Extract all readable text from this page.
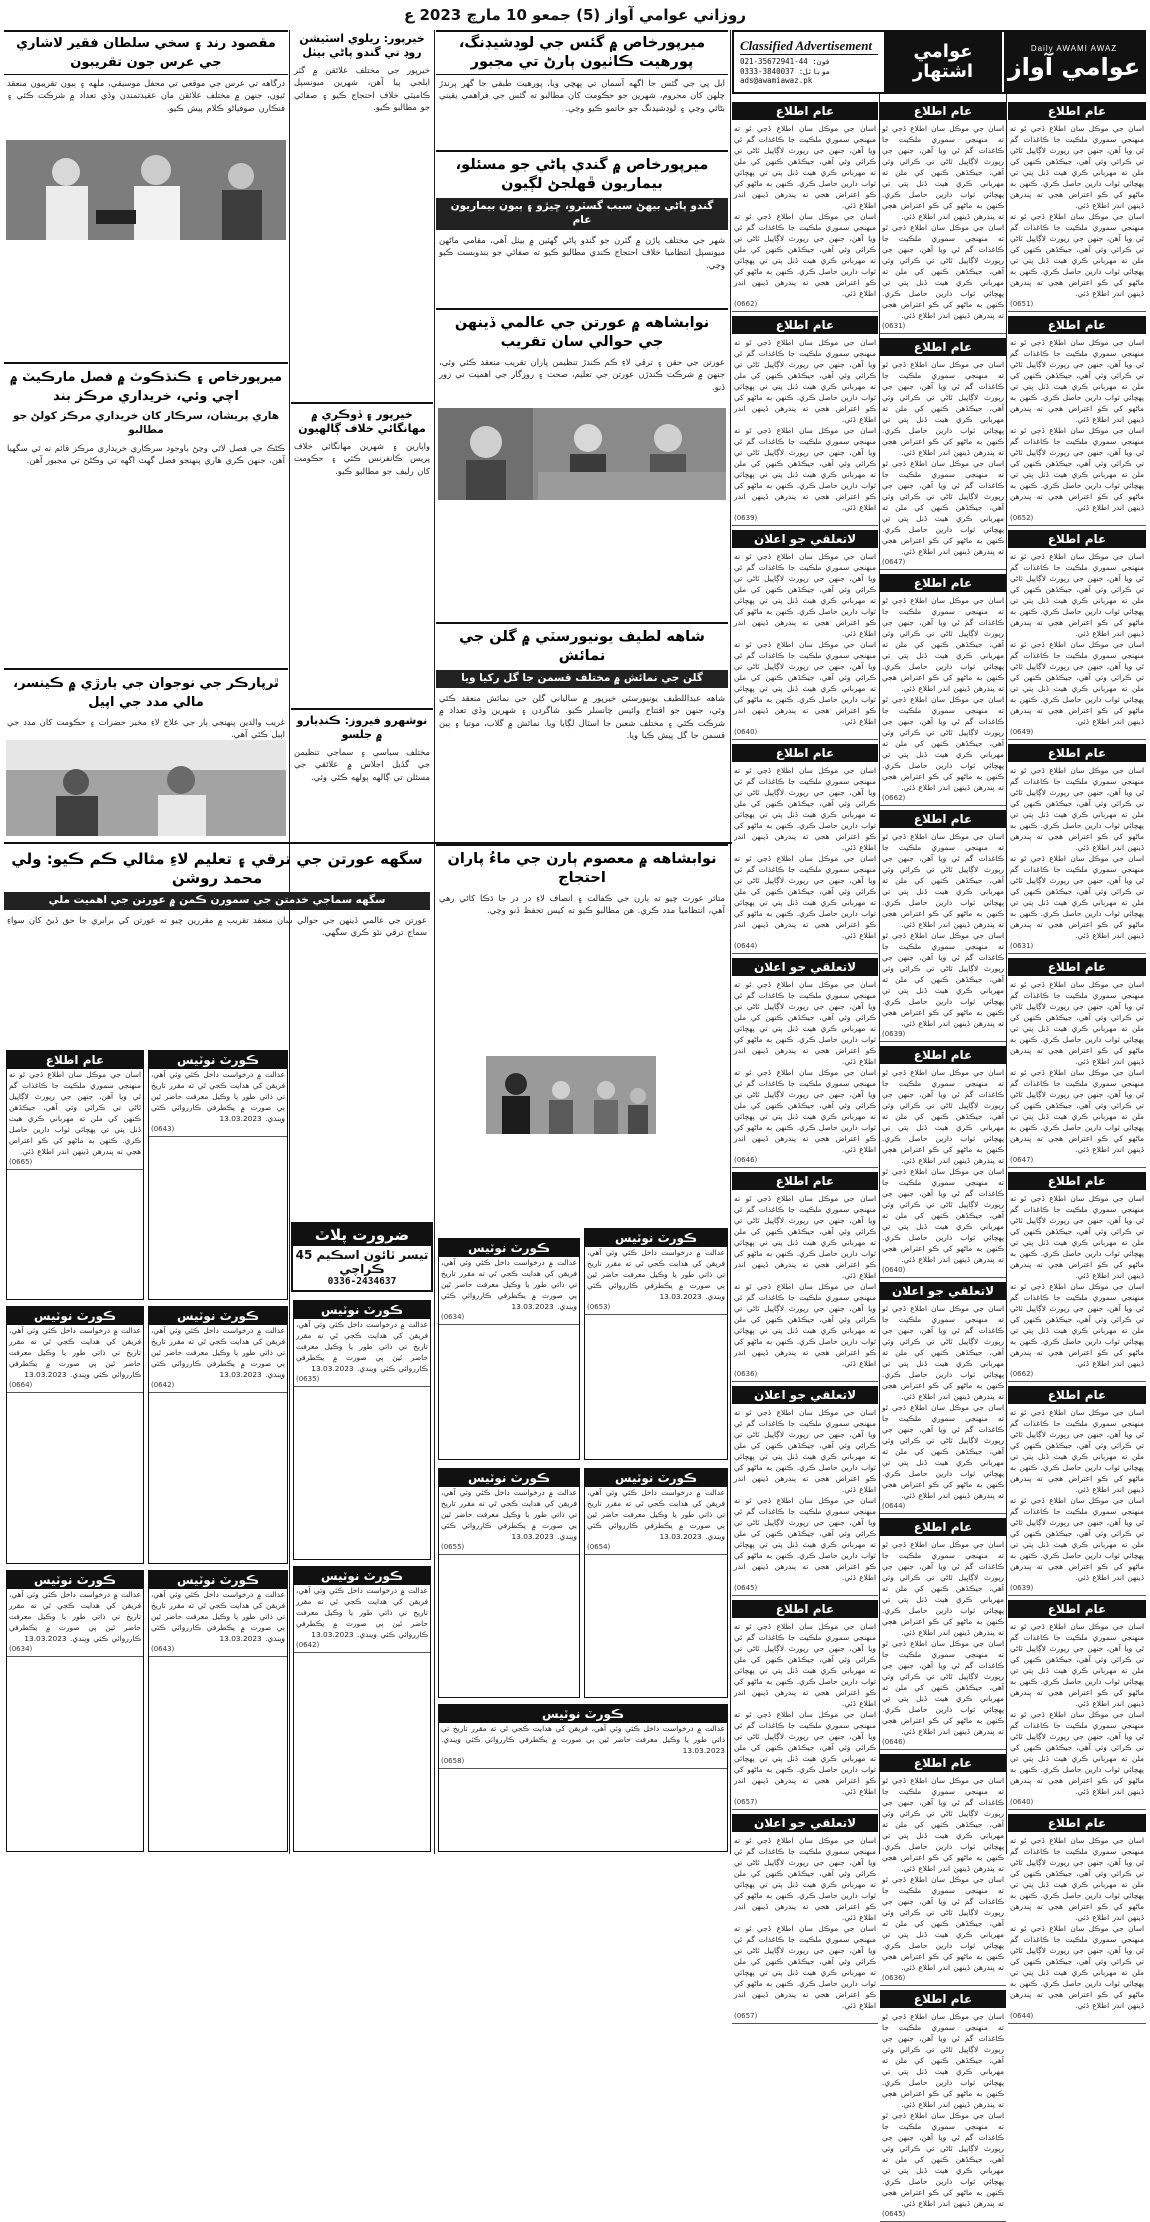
روزاني عوامي آواز (5) جمعو 10 مارچ 2023 ع
Daily AWAMI AWAZ
عوامي آواز
عوامي اشتهار
Classified Advertisement
021-35672941-44 :فون
0333-3840037 :موبائل
ads@awamiawaz.pk
عام اطلاع
اسان جي موڪل سان اطلاع ڏجي ٿو ته منهنجي سموري ملڪيت جا ڪاغذات گم ٿي ويا آهن، جنهن جي رپورٽ لاڳاپيل ٿاڻي تي ڪرائي وئي آهي، جيڪڏهن ڪنهن کي ملن ته مهرباني ڪري هيٺ ڏنل پتي تي پهچائي ثواب دارين حاصل ڪري. ڪنهن به ماڻهو کي ڪو اعتراض هجي ته پندرهن ڏينهن اندر اطلاع ڏئي.
اسان جي موڪل سان اطلاع ڏجي ٿو ته منهنجي سموري ملڪيت جا ڪاغذات گم ٿي ويا آهن، جنهن جي رپورٽ لاڳاپيل ٿاڻي تي ڪرائي وئي آهي، جيڪڏهن ڪنهن کي ملن ته مهرباني ڪري هيٺ ڏنل پتي تي پهچائي ثواب دارين حاصل ڪري. ڪنهن به ماڻهو کي ڪو اعتراض هجي ته پندرهن ڏينهن اندر اطلاع ڏئي.
(0651)
عام اطلاع
اسان جي موڪل سان اطلاع ڏجي ٿو ته منهنجي سموري ملڪيت جا ڪاغذات گم ٿي ويا آهن، جنهن جي رپورٽ لاڳاپيل ٿاڻي تي ڪرائي وئي آهي، جيڪڏهن ڪنهن کي ملن ته مهرباني ڪري هيٺ ڏنل پتي تي پهچائي ثواب دارين حاصل ڪري. ڪنهن به ماڻهو کي ڪو اعتراض هجي ته پندرهن ڏينهن اندر اطلاع ڏئي.
اسان جي موڪل سان اطلاع ڏجي ٿو ته منهنجي سموري ملڪيت جا ڪاغذات گم ٿي ويا آهن، جنهن جي رپورٽ لاڳاپيل ٿاڻي تي ڪرائي وئي آهي، جيڪڏهن ڪنهن کي ملن ته مهرباني ڪري هيٺ ڏنل پتي تي پهچائي ثواب دارين حاصل ڪري. ڪنهن به ماڻهو کي ڪو اعتراض هجي ته پندرهن ڏينهن اندر اطلاع ڏئي.
(0652)
عام اطلاع
اسان جي موڪل سان اطلاع ڏجي ٿو ته منهنجي سموري ملڪيت جا ڪاغذات گم ٿي ويا آهن، جنهن جي رپورٽ لاڳاپيل ٿاڻي تي ڪرائي وئي آهي، جيڪڏهن ڪنهن کي ملن ته مهرباني ڪري هيٺ ڏنل پتي تي پهچائي ثواب دارين حاصل ڪري. ڪنهن به ماڻهو کي ڪو اعتراض هجي ته پندرهن ڏينهن اندر اطلاع ڏئي.
اسان جي موڪل سان اطلاع ڏجي ٿو ته منهنجي سموري ملڪيت جا ڪاغذات گم ٿي ويا آهن، جنهن جي رپورٽ لاڳاپيل ٿاڻي تي ڪرائي وئي آهي، جيڪڏهن ڪنهن کي ملن ته مهرباني ڪري هيٺ ڏنل پتي تي پهچائي ثواب دارين حاصل ڪري. ڪنهن به ماڻهو کي ڪو اعتراض هجي ته پندرهن ڏينهن اندر اطلاع ڏئي.
(0649)
عام اطلاع
اسان جي موڪل سان اطلاع ڏجي ٿو ته منهنجي سموري ملڪيت جا ڪاغذات گم ٿي ويا آهن، جنهن جي رپورٽ لاڳاپيل ٿاڻي تي ڪرائي وئي آهي، جيڪڏهن ڪنهن کي ملن ته مهرباني ڪري هيٺ ڏنل پتي تي پهچائي ثواب دارين حاصل ڪري. ڪنهن به ماڻهو کي ڪو اعتراض هجي ته پندرهن ڏينهن اندر اطلاع ڏئي.
اسان جي موڪل سان اطلاع ڏجي ٿو ته منهنجي سموري ملڪيت جا ڪاغذات گم ٿي ويا آهن، جنهن جي رپورٽ لاڳاپيل ٿاڻي تي ڪرائي وئي آهي، جيڪڏهن ڪنهن کي ملن ته مهرباني ڪري هيٺ ڏنل پتي تي پهچائي ثواب دارين حاصل ڪري. ڪنهن به ماڻهو کي ڪو اعتراض هجي ته پندرهن ڏينهن اندر اطلاع ڏئي.
(0631)
عام اطلاع
اسان جي موڪل سان اطلاع ڏجي ٿو ته منهنجي سموري ملڪيت جا ڪاغذات گم ٿي ويا آهن، جنهن جي رپورٽ لاڳاپيل ٿاڻي تي ڪرائي وئي آهي، جيڪڏهن ڪنهن کي ملن ته مهرباني ڪري هيٺ ڏنل پتي تي پهچائي ثواب دارين حاصل ڪري. ڪنهن به ماڻهو کي ڪو اعتراض هجي ته پندرهن ڏينهن اندر اطلاع ڏئي.
اسان جي موڪل سان اطلاع ڏجي ٿو ته منهنجي سموري ملڪيت جا ڪاغذات گم ٿي ويا آهن، جنهن جي رپورٽ لاڳاپيل ٿاڻي تي ڪرائي وئي آهي، جيڪڏهن ڪنهن کي ملن ته مهرباني ڪري هيٺ ڏنل پتي تي پهچائي ثواب دارين حاصل ڪري. ڪنهن به ماڻهو کي ڪو اعتراض هجي ته پندرهن ڏينهن اندر اطلاع ڏئي.
(0647)
عام اطلاع
اسان جي موڪل سان اطلاع ڏجي ٿو ته منهنجي سموري ملڪيت جا ڪاغذات گم ٿي ويا آهن، جنهن جي رپورٽ لاڳاپيل ٿاڻي تي ڪرائي وئي آهي، جيڪڏهن ڪنهن کي ملن ته مهرباني ڪري هيٺ ڏنل پتي تي پهچائي ثواب دارين حاصل ڪري. ڪنهن به ماڻهو کي ڪو اعتراض هجي ته پندرهن ڏينهن اندر اطلاع ڏئي.
اسان جي موڪل سان اطلاع ڏجي ٿو ته منهنجي سموري ملڪيت جا ڪاغذات گم ٿي ويا آهن، جنهن جي رپورٽ لاڳاپيل ٿاڻي تي ڪرائي وئي آهي، جيڪڏهن ڪنهن کي ملن ته مهرباني ڪري هيٺ ڏنل پتي تي پهچائي ثواب دارين حاصل ڪري. ڪنهن به ماڻهو کي ڪو اعتراض هجي ته پندرهن ڏينهن اندر اطلاع ڏئي.
(0662)
عام اطلاع
اسان جي موڪل سان اطلاع ڏجي ٿو ته منهنجي سموري ملڪيت جا ڪاغذات گم ٿي ويا آهن، جنهن جي رپورٽ لاڳاپيل ٿاڻي تي ڪرائي وئي آهي، جيڪڏهن ڪنهن کي ملن ته مهرباني ڪري هيٺ ڏنل پتي تي پهچائي ثواب دارين حاصل ڪري. ڪنهن به ماڻهو کي ڪو اعتراض هجي ته پندرهن ڏينهن اندر اطلاع ڏئي.
اسان جي موڪل سان اطلاع ڏجي ٿو ته منهنجي سموري ملڪيت جا ڪاغذات گم ٿي ويا آهن، جنهن جي رپورٽ لاڳاپيل ٿاڻي تي ڪرائي وئي آهي، جيڪڏهن ڪنهن کي ملن ته مهرباني ڪري هيٺ ڏنل پتي تي پهچائي ثواب دارين حاصل ڪري. ڪنهن به ماڻهو کي ڪو اعتراض هجي ته پندرهن ڏينهن اندر اطلاع ڏئي.
(0639)
عام اطلاع
اسان جي موڪل سان اطلاع ڏجي ٿو ته منهنجي سموري ملڪيت جا ڪاغذات گم ٿي ويا آهن، جنهن جي رپورٽ لاڳاپيل ٿاڻي تي ڪرائي وئي آهي، جيڪڏهن ڪنهن کي ملن ته مهرباني ڪري هيٺ ڏنل پتي تي پهچائي ثواب دارين حاصل ڪري. ڪنهن به ماڻهو کي ڪو اعتراض هجي ته پندرهن ڏينهن اندر اطلاع ڏئي.
اسان جي موڪل سان اطلاع ڏجي ٿو ته منهنجي سموري ملڪيت جا ڪاغذات گم ٿي ويا آهن، جنهن جي رپورٽ لاڳاپيل ٿاڻي تي ڪرائي وئي آهي، جيڪڏهن ڪنهن کي ملن ته مهرباني ڪري هيٺ ڏنل پتي تي پهچائي ثواب دارين حاصل ڪري. ڪنهن به ماڻهو کي ڪو اعتراض هجي ته پندرهن ڏينهن اندر اطلاع ڏئي.
(0640)
عام اطلاع
اسان جي موڪل سان اطلاع ڏجي ٿو ته منهنجي سموري ملڪيت جا ڪاغذات گم ٿي ويا آهن، جنهن جي رپورٽ لاڳاپيل ٿاڻي تي ڪرائي وئي آهي، جيڪڏهن ڪنهن کي ملن ته مهرباني ڪري هيٺ ڏنل پتي تي پهچائي ثواب دارين حاصل ڪري. ڪنهن به ماڻهو کي ڪو اعتراض هجي ته پندرهن ڏينهن اندر اطلاع ڏئي.
اسان جي موڪل سان اطلاع ڏجي ٿو ته منهنجي سموري ملڪيت جا ڪاغذات گم ٿي ويا آهن، جنهن جي رپورٽ لاڳاپيل ٿاڻي تي ڪرائي وئي آهي، جيڪڏهن ڪنهن کي ملن ته مهرباني ڪري هيٺ ڏنل پتي تي پهچائي ثواب دارين حاصل ڪري. ڪنهن به ماڻهو کي ڪو اعتراض هجي ته پندرهن ڏينهن اندر اطلاع ڏئي.
(0644)
عام اطلاع
اسان جي موڪل سان اطلاع ڏجي ٿو ته منهنجي سموري ملڪيت جا ڪاغذات گم ٿي ويا آهن، جنهن جي رپورٽ لاڳاپيل ٿاڻي تي ڪرائي وئي آهي، جيڪڏهن ڪنهن کي ملن ته مهرباني ڪري هيٺ ڏنل پتي تي پهچائي ثواب دارين حاصل ڪري. ڪنهن به ماڻهو کي ڪو اعتراض هجي ته پندرهن ڏينهن اندر اطلاع ڏئي.
اسان جي موڪل سان اطلاع ڏجي ٿو ته منهنجي سموري ملڪيت جا ڪاغذات گم ٿي ويا آهن، جنهن جي رپورٽ لاڳاپيل ٿاڻي تي ڪرائي وئي آهي، جيڪڏهن ڪنهن کي ملن ته مهرباني ڪري هيٺ ڏنل پتي تي پهچائي ثواب دارين حاصل ڪري. ڪنهن به ماڻهو کي ڪو اعتراض هجي ته پندرهن ڏينهن اندر اطلاع ڏئي.
(0631)
عام اطلاع
اسان جي موڪل سان اطلاع ڏجي ٿو ته منهنجي سموري ملڪيت جا ڪاغذات گم ٿي ويا آهن، جنهن جي رپورٽ لاڳاپيل ٿاڻي تي ڪرائي وئي آهي، جيڪڏهن ڪنهن کي ملن ته مهرباني ڪري هيٺ ڏنل پتي تي پهچائي ثواب دارين حاصل ڪري. ڪنهن به ماڻهو کي ڪو اعتراض هجي ته پندرهن ڏينهن اندر اطلاع ڏئي.
اسان جي موڪل سان اطلاع ڏجي ٿو ته منهنجي سموري ملڪيت جا ڪاغذات گم ٿي ويا آهن، جنهن جي رپورٽ لاڳاپيل ٿاڻي تي ڪرائي وئي آهي، جيڪڏهن ڪنهن کي ملن ته مهرباني ڪري هيٺ ڏنل پتي تي پهچائي ثواب دارين حاصل ڪري. ڪنهن به ماڻهو کي ڪو اعتراض هجي ته پندرهن ڏينهن اندر اطلاع ڏئي.
(0647)
عام اطلاع
اسان جي موڪل سان اطلاع ڏجي ٿو ته منهنجي سموري ملڪيت جا ڪاغذات گم ٿي ويا آهن، جنهن جي رپورٽ لاڳاپيل ٿاڻي تي ڪرائي وئي آهي، جيڪڏهن ڪنهن کي ملن ته مهرباني ڪري هيٺ ڏنل پتي تي پهچائي ثواب دارين حاصل ڪري. ڪنهن به ماڻهو کي ڪو اعتراض هجي ته پندرهن ڏينهن اندر اطلاع ڏئي.
اسان جي موڪل سان اطلاع ڏجي ٿو ته منهنجي سموري ملڪيت جا ڪاغذات گم ٿي ويا آهن، جنهن جي رپورٽ لاڳاپيل ٿاڻي تي ڪرائي وئي آهي، جيڪڏهن ڪنهن کي ملن ته مهرباني ڪري هيٺ ڏنل پتي تي پهچائي ثواب دارين حاصل ڪري. ڪنهن به ماڻهو کي ڪو اعتراض هجي ته پندرهن ڏينهن اندر اطلاع ڏئي.
(0662)
عام اطلاع
اسان جي موڪل سان اطلاع ڏجي ٿو ته منهنجي سموري ملڪيت جا ڪاغذات گم ٿي ويا آهن، جنهن جي رپورٽ لاڳاپيل ٿاڻي تي ڪرائي وئي آهي، جيڪڏهن ڪنهن کي ملن ته مهرباني ڪري هيٺ ڏنل پتي تي پهچائي ثواب دارين حاصل ڪري. ڪنهن به ماڻهو کي ڪو اعتراض هجي ته پندرهن ڏينهن اندر اطلاع ڏئي.
اسان جي موڪل سان اطلاع ڏجي ٿو ته منهنجي سموري ملڪيت جا ڪاغذات گم ٿي ويا آهن، جنهن جي رپورٽ لاڳاپيل ٿاڻي تي ڪرائي وئي آهي، جيڪڏهن ڪنهن کي ملن ته مهرباني ڪري هيٺ ڏنل پتي تي پهچائي ثواب دارين حاصل ڪري. ڪنهن به ماڻهو کي ڪو اعتراض هجي ته پندرهن ڏينهن اندر اطلاع ڏئي.
(0639)
عام اطلاع
اسان جي موڪل سان اطلاع ڏجي ٿو ته منهنجي سموري ملڪيت جا ڪاغذات گم ٿي ويا آهن، جنهن جي رپورٽ لاڳاپيل ٿاڻي تي ڪرائي وئي آهي، جيڪڏهن ڪنهن کي ملن ته مهرباني ڪري هيٺ ڏنل پتي تي پهچائي ثواب دارين حاصل ڪري. ڪنهن به ماڻهو کي ڪو اعتراض هجي ته پندرهن ڏينهن اندر اطلاع ڏئي.
اسان جي موڪل سان اطلاع ڏجي ٿو ته منهنجي سموري ملڪيت جا ڪاغذات گم ٿي ويا آهن، جنهن جي رپورٽ لاڳاپيل ٿاڻي تي ڪرائي وئي آهي، جيڪڏهن ڪنهن کي ملن ته مهرباني ڪري هيٺ ڏنل پتي تي پهچائي ثواب دارين حاصل ڪري. ڪنهن به ماڻهو کي ڪو اعتراض هجي ته پندرهن ڏينهن اندر اطلاع ڏئي.
(0640)
لاتعلقي جو اعلان
اسان جي موڪل سان اطلاع ڏجي ٿو ته منهنجي سموري ملڪيت جا ڪاغذات گم ٿي ويا آهن، جنهن جي رپورٽ لاڳاپيل ٿاڻي تي ڪرائي وئي آهي، جيڪڏهن ڪنهن کي ملن ته مهرباني ڪري هيٺ ڏنل پتي تي پهچائي ثواب دارين حاصل ڪري. ڪنهن به ماڻهو کي ڪو اعتراض هجي ته پندرهن ڏينهن اندر اطلاع ڏئي.
اسان جي موڪل سان اطلاع ڏجي ٿو ته منهنجي سموري ملڪيت جا ڪاغذات گم ٿي ويا آهن، جنهن جي رپورٽ لاڳاپيل ٿاڻي تي ڪرائي وئي آهي، جيڪڏهن ڪنهن کي ملن ته مهرباني ڪري هيٺ ڏنل پتي تي پهچائي ثواب دارين حاصل ڪري. ڪنهن به ماڻهو کي ڪو اعتراض هجي ته پندرهن ڏينهن اندر اطلاع ڏئي.
(0644)
عام اطلاع
اسان جي موڪل سان اطلاع ڏجي ٿو ته منهنجي سموري ملڪيت جا ڪاغذات گم ٿي ويا آهن، جنهن جي رپورٽ لاڳاپيل ٿاڻي تي ڪرائي وئي آهي، جيڪڏهن ڪنهن کي ملن ته مهرباني ڪري هيٺ ڏنل پتي تي پهچائي ثواب دارين حاصل ڪري. ڪنهن به ماڻهو کي ڪو اعتراض هجي ته پندرهن ڏينهن اندر اطلاع ڏئي.
اسان جي موڪل سان اطلاع ڏجي ٿو ته منهنجي سموري ملڪيت جا ڪاغذات گم ٿي ويا آهن، جنهن جي رپورٽ لاڳاپيل ٿاڻي تي ڪرائي وئي آهي، جيڪڏهن ڪنهن کي ملن ته مهرباني ڪري هيٺ ڏنل پتي تي پهچائي ثواب دارين حاصل ڪري. ڪنهن به ماڻهو کي ڪو اعتراض هجي ته پندرهن ڏينهن اندر اطلاع ڏئي.
(0646)
عام اطلاع
اسان جي موڪل سان اطلاع ڏجي ٿو ته منهنجي سموري ملڪيت جا ڪاغذات گم ٿي ويا آهن، جنهن جي رپورٽ لاڳاپيل ٿاڻي تي ڪرائي وئي آهي، جيڪڏهن ڪنهن کي ملن ته مهرباني ڪري هيٺ ڏنل پتي تي پهچائي ثواب دارين حاصل ڪري. ڪنهن به ماڻهو کي ڪو اعتراض هجي ته پندرهن ڏينهن اندر اطلاع ڏئي.
اسان جي موڪل سان اطلاع ڏجي ٿو ته منهنجي سموري ملڪيت جا ڪاغذات گم ٿي ويا آهن، جنهن جي رپورٽ لاڳاپيل ٿاڻي تي ڪرائي وئي آهي، جيڪڏهن ڪنهن کي ملن ته مهرباني ڪري هيٺ ڏنل پتي تي پهچائي ثواب دارين حاصل ڪري. ڪنهن به ماڻهو کي ڪو اعتراض هجي ته پندرهن ڏينهن اندر اطلاع ڏئي.
(0636)
عام اطلاع
اسان جي موڪل سان اطلاع ڏجي ٿو ته منهنجي سموري ملڪيت جا ڪاغذات گم ٿي ويا آهن، جنهن جي رپورٽ لاڳاپيل ٿاڻي تي ڪرائي وئي آهي، جيڪڏهن ڪنهن کي ملن ته مهرباني ڪري هيٺ ڏنل پتي تي پهچائي ثواب دارين حاصل ڪري. ڪنهن به ماڻهو کي ڪو اعتراض هجي ته پندرهن ڏينهن اندر اطلاع ڏئي.
اسان جي موڪل سان اطلاع ڏجي ٿو ته منهنجي سموري ملڪيت جا ڪاغذات گم ٿي ويا آهن، جنهن جي رپورٽ لاڳاپيل ٿاڻي تي ڪرائي وئي آهي، جيڪڏهن ڪنهن کي ملن ته مهرباني ڪري هيٺ ڏنل پتي تي پهچائي ثواب دارين حاصل ڪري. ڪنهن به ماڻهو کي ڪو اعتراض هجي ته پندرهن ڏينهن اندر اطلاع ڏئي.
(0645)
عام اطلاع
اسان جي موڪل سان اطلاع ڏجي ٿو ته منهنجي سموري ملڪيت جا ڪاغذات گم ٿي ويا آهن، جنهن جي رپورٽ لاڳاپيل ٿاڻي تي ڪرائي وئي آهي، جيڪڏهن ڪنهن کي ملن ته مهرباني ڪري هيٺ ڏنل پتي تي پهچائي ثواب دارين حاصل ڪري. ڪنهن به ماڻهو کي ڪو اعتراض هجي ته پندرهن ڏينهن اندر اطلاع ڏئي.
اسان جي موڪل سان اطلاع ڏجي ٿو ته منهنجي سموري ملڪيت جا ڪاغذات گم ٿي ويا آهن، جنهن جي رپورٽ لاڳاپيل ٿاڻي تي ڪرائي وئي آهي، جيڪڏهن ڪنهن کي ملن ته مهرباني ڪري هيٺ ڏنل پتي تي پهچائي ثواب دارين حاصل ڪري. ڪنهن به ماڻهو کي ڪو اعتراض هجي ته پندرهن ڏينهن اندر اطلاع ڏئي.
(0662)
عام اطلاع
اسان جي موڪل سان اطلاع ڏجي ٿو ته منهنجي سموري ملڪيت جا ڪاغذات گم ٿي ويا آهن، جنهن جي رپورٽ لاڳاپيل ٿاڻي تي ڪرائي وئي آهي، جيڪڏهن ڪنهن کي ملن ته مهرباني ڪري هيٺ ڏنل پتي تي پهچائي ثواب دارين حاصل ڪري. ڪنهن به ماڻهو کي ڪو اعتراض هجي ته پندرهن ڏينهن اندر اطلاع ڏئي.
اسان جي موڪل سان اطلاع ڏجي ٿو ته منهنجي سموري ملڪيت جا ڪاغذات گم ٿي ويا آهن، جنهن جي رپورٽ لاڳاپيل ٿاڻي تي ڪرائي وئي آهي، جيڪڏهن ڪنهن کي ملن ته مهرباني ڪري هيٺ ڏنل پتي تي پهچائي ثواب دارين حاصل ڪري. ڪنهن به ماڻهو کي ڪو اعتراض هجي ته پندرهن ڏينهن اندر اطلاع ڏئي.
(0639)
لاتعلقي جو اعلان
اسان جي موڪل سان اطلاع ڏجي ٿو ته منهنجي سموري ملڪيت جا ڪاغذات گم ٿي ويا آهن، جنهن جي رپورٽ لاڳاپيل ٿاڻي تي ڪرائي وئي آهي، جيڪڏهن ڪنهن کي ملن ته مهرباني ڪري هيٺ ڏنل پتي تي پهچائي ثواب دارين حاصل ڪري. ڪنهن به ماڻهو کي ڪو اعتراض هجي ته پندرهن ڏينهن اندر اطلاع ڏئي.
اسان جي موڪل سان اطلاع ڏجي ٿو ته منهنجي سموري ملڪيت جا ڪاغذات گم ٿي ويا آهن، جنهن جي رپورٽ لاڳاپيل ٿاڻي تي ڪرائي وئي آهي، جيڪڏهن ڪنهن کي ملن ته مهرباني ڪري هيٺ ڏنل پتي تي پهچائي ثواب دارين حاصل ڪري. ڪنهن به ماڻهو کي ڪو اعتراض هجي ته پندرهن ڏينهن اندر اطلاع ڏئي.
(0640)
عام اطلاع
اسان جي موڪل سان اطلاع ڏجي ٿو ته منهنجي سموري ملڪيت جا ڪاغذات گم ٿي ويا آهن، جنهن جي رپورٽ لاڳاپيل ٿاڻي تي ڪرائي وئي آهي، جيڪڏهن ڪنهن کي ملن ته مهرباني ڪري هيٺ ڏنل پتي تي پهچائي ثواب دارين حاصل ڪري. ڪنهن به ماڻهو کي ڪو اعتراض هجي ته پندرهن ڏينهن اندر اطلاع ڏئي.
اسان جي موڪل سان اطلاع ڏجي ٿو ته منهنجي سموري ملڪيت جا ڪاغذات گم ٿي ويا آهن، جنهن جي رپورٽ لاڳاپيل ٿاڻي تي ڪرائي وئي آهي، جيڪڏهن ڪنهن کي ملن ته مهرباني ڪري هيٺ ڏنل پتي تي پهچائي ثواب دارين حاصل ڪري. ڪنهن به ماڻهو کي ڪو اعتراض هجي ته پندرهن ڏينهن اندر اطلاع ڏئي.
(0644)
لاتعلقي جو اعلان
اسان جي موڪل سان اطلاع ڏجي ٿو ته منهنجي سموري ملڪيت جا ڪاغذات گم ٿي ويا آهن، جنهن جي رپورٽ لاڳاپيل ٿاڻي تي ڪرائي وئي آهي، جيڪڏهن ڪنهن کي ملن ته مهرباني ڪري هيٺ ڏنل پتي تي پهچائي ثواب دارين حاصل ڪري. ڪنهن به ماڻهو کي ڪو اعتراض هجي ته پندرهن ڏينهن اندر اطلاع ڏئي.
اسان جي موڪل سان اطلاع ڏجي ٿو ته منهنجي سموري ملڪيت جا ڪاغذات گم ٿي ويا آهن، جنهن جي رپورٽ لاڳاپيل ٿاڻي تي ڪرائي وئي آهي، جيڪڏهن ڪنهن کي ملن ته مهرباني ڪري هيٺ ڏنل پتي تي پهچائي ثواب دارين حاصل ڪري. ڪنهن به ماڻهو کي ڪو اعتراض هجي ته پندرهن ڏينهن اندر اطلاع ڏئي.
(0646)
عام اطلاع
اسان جي موڪل سان اطلاع ڏجي ٿو ته منهنجي سموري ملڪيت جا ڪاغذات گم ٿي ويا آهن، جنهن جي رپورٽ لاڳاپيل ٿاڻي تي ڪرائي وئي آهي، جيڪڏهن ڪنهن کي ملن ته مهرباني ڪري هيٺ ڏنل پتي تي پهچائي ثواب دارين حاصل ڪري. ڪنهن به ماڻهو کي ڪو اعتراض هجي ته پندرهن ڏينهن اندر اطلاع ڏئي.
اسان جي موڪل سان اطلاع ڏجي ٿو ته منهنجي سموري ملڪيت جا ڪاغذات گم ٿي ويا آهن، جنهن جي رپورٽ لاڳاپيل ٿاڻي تي ڪرائي وئي آهي، جيڪڏهن ڪنهن کي ملن ته مهرباني ڪري هيٺ ڏنل پتي تي پهچائي ثواب دارين حاصل ڪري. ڪنهن به ماڻهو کي ڪو اعتراض هجي ته پندرهن ڏينهن اندر اطلاع ڏئي.
(0636)
لاتعلقي جو اعلان
اسان جي موڪل سان اطلاع ڏجي ٿو ته منهنجي سموري ملڪيت جا ڪاغذات گم ٿي ويا آهن، جنهن جي رپورٽ لاڳاپيل ٿاڻي تي ڪرائي وئي آهي، جيڪڏهن ڪنهن کي ملن ته مهرباني ڪري هيٺ ڏنل پتي تي پهچائي ثواب دارين حاصل ڪري. ڪنهن به ماڻهو کي ڪو اعتراض هجي ته پندرهن ڏينهن اندر اطلاع ڏئي.
اسان جي موڪل سان اطلاع ڏجي ٿو ته منهنجي سموري ملڪيت جا ڪاغذات گم ٿي ويا آهن، جنهن جي رپورٽ لاڳاپيل ٿاڻي تي ڪرائي وئي آهي، جيڪڏهن ڪنهن کي ملن ته مهرباني ڪري هيٺ ڏنل پتي تي پهچائي ثواب دارين حاصل ڪري. ڪنهن به ماڻهو کي ڪو اعتراض هجي ته پندرهن ڏينهن اندر اطلاع ڏئي.
(0645)
عام اطلاع
اسان جي موڪل سان اطلاع ڏجي ٿو ته منهنجي سموري ملڪيت جا ڪاغذات گم ٿي ويا آهن، جنهن جي رپورٽ لاڳاپيل ٿاڻي تي ڪرائي وئي آهي، جيڪڏهن ڪنهن کي ملن ته مهرباني ڪري هيٺ ڏنل پتي تي پهچائي ثواب دارين حاصل ڪري. ڪنهن به ماڻهو کي ڪو اعتراض هجي ته پندرهن ڏينهن اندر اطلاع ڏئي.
اسان جي موڪل سان اطلاع ڏجي ٿو ته منهنجي سموري ملڪيت جا ڪاغذات گم ٿي ويا آهن، جنهن جي رپورٽ لاڳاپيل ٿاڻي تي ڪرائي وئي آهي، جيڪڏهن ڪنهن کي ملن ته مهرباني ڪري هيٺ ڏنل پتي تي پهچائي ثواب دارين حاصل ڪري. ڪنهن به ماڻهو کي ڪو اعتراض هجي ته پندرهن ڏينهن اندر اطلاع ڏئي.
(0657)
لاتعلقي جو اعلان
اسان جي موڪل سان اطلاع ڏجي ٿو ته منهنجي سموري ملڪيت جا ڪاغذات گم ٿي ويا آهن، جنهن جي رپورٽ لاڳاپيل ٿاڻي تي ڪرائي وئي آهي، جيڪڏهن ڪنهن کي ملن ته مهرباني ڪري هيٺ ڏنل پتي تي پهچائي ثواب دارين حاصل ڪري. ڪنهن به ماڻهو کي ڪو اعتراض هجي ته پندرهن ڏينهن اندر اطلاع ڏئي.
اسان جي موڪل سان اطلاع ڏجي ٿو ته منهنجي سموري ملڪيت جا ڪاغذات گم ٿي ويا آهن، جنهن جي رپورٽ لاڳاپيل ٿاڻي تي ڪرائي وئي آهي، جيڪڏهن ڪنهن کي ملن ته مهرباني ڪري هيٺ ڏنل پتي تي پهچائي ثواب دارين حاصل ڪري. ڪنهن به ماڻهو کي ڪو اعتراض هجي ته پندرهن ڏينهن اندر اطلاع ڏئي.
(0657)
ميرپورخاص ۾ گئس جي لوڊشيڊنگ، پورهيت ڪاٺيون ٻارڻ تي مجبور
ايل پي جي گئس جا اگهه آسمان تي پهچي ويا، پورهيت طبقي جا گهر ٻرندڙ چلهن کان محروم، شهرين جو حڪومت کان مطالبو ته گئس جي فراهمي يقيني بڻائي وڃي ۽ لوڊشيڊنگ جو خاتمو ڪيو وڃي.
ميرپورخاص ۾ گندي پاڻي جو مسئلو، بيماريون ڦهلجڻ لڳيون
گندو پاڻي بيهڻ سبب گسٽرو، ڇيڙو ۽ ٻيون بيماريون عام
شهر جي مختلف پاڙن ۾ گٽرن جو گندو پاڻي گهٽين ۾ بيٺل آهي، مقامي ماڻهن ميونسپل انتظاميا خلاف احتجاج ڪندي مطالبو ڪيو ته صفائي جو بندوبست ڪيو وڃي.
نوابشاهه ۾ عورتن جي عالمي ڏينهن جي حوالي سان تقريب
عورتن جي حقن ۽ ترقي لاءِ ڪم ڪندڙ تنظيمن پاران تقريب منعقد ڪئي وئي، جنهن ۾ شرڪت ڪندڙن عورتن جي تعليم، صحت ۽ روزگار جي اهميت تي زور ڏنو.
شاهه لطيف يونيورسٽي ۾ گلن جي نمائش
گلن جي نمائش ۾ مختلف قسمن جا گل رکيا ويا
شاهه عبداللطيف يونيورسٽي خيرپور ۾ سالياني گلن جي نمائش منعقد ڪئي وئي، جنهن جو افتتاح وائيس چانسلر ڪيو. شاگردن ۽ شهرين وڏي تعداد ۾ شرڪت ڪئي ۽ مختلف شعبن جا اسٽال لڳايا ويا. نمائش ۾ گلاب، موتيا ۽ ٻين قسمن جا گل پيش ڪيا ويا.
نوابشاهه ۾ معصوم ٻارن جي ماءُ پاران احتجاج
متاثر عورت چيو ته ٻارن جي ڪفالت ۽ انصاف لاءِ در در جا ڌڪا کائي رهي آهي، انتظاميا مدد ڪري. هن مطالبو ڪيو ته کيس تحفظ ڏنو وڃي.
ڪورٽ نوٽيس
عدالت ۾ درخواست داخل ڪئي وئي آهي، فريقن کي هدايت ڪجي ٿي ته مقرر تاريخ تي ذاتي طور يا وڪيل معرفت حاضر ٿين ٻي صورت ۾ يڪطرفي ڪارروائي ڪئي ويندي. 13.03.2023
(0634)
ڪورٽ نوٽيس
عدالت ۾ درخواست داخل ڪئي وئي آهي، فريقن کي هدايت ڪجي ٿي ته مقرر تاريخ تي ذاتي طور يا وڪيل معرفت حاضر ٿين ٻي صورت ۾ يڪطرفي ڪارروائي ڪئي ويندي. 13.03.2023
(0653)
ڪورٽ نوٽيس
عدالت ۾ درخواست داخل ڪئي وئي آهي، فريقن کي هدايت ڪجي ٿي ته مقرر تاريخ تي ذاتي طور يا وڪيل معرفت حاضر ٿين ٻي صورت ۾ يڪطرفي ڪارروائي ڪئي ويندي. 13.03.2023
(0655)
ڪورٽ نوٽيس
عدالت ۾ درخواست داخل ڪئي وئي آهي، فريقن کي هدايت ڪجي ٿي ته مقرر تاريخ تي ذاتي طور يا وڪيل معرفت حاضر ٿين ٻي صورت ۾ يڪطرفي ڪارروائي ڪئي ويندي. 13.03.2023
(0654)
ڪورٽ نوٽيس
عدالت ۾ درخواست داخل ڪئي وئي آهي، فريقن کي هدايت ڪجي ٿي ته مقرر تاريخ تي ذاتي طور يا وڪيل معرفت حاضر ٿين ٻي صورت ۾ يڪطرفي ڪارروائي ڪئي ويندي. 13.03.2023
(0658)
خيرپور: ريلوي اسٽيشن روڊ تي گندو پاڻي بيٺل
خيرپور جي مختلف علائقن ۾ گٽر ابلجي پيا آهن، شهرين ميونسپل ڪاميٽي خلاف احتجاج ڪيو ۽ صفائي جو مطالبو ڪيو.
خيرپور ۽ ڏوڪري ۾ مهانگائي خلاف ڳالهيون
واپارين ۽ شهرين مهانگائي خلاف پريس ڪانفرنس ڪئي ۽ حڪومت کان رليف جو مطالبو ڪيو.
نوشهرو فيروز: ڪنڊيارو ۾ جلسو
مختلف سياسي ۽ سماجي تنظيمن جي گڏيل اجلاس ۾ علائقي جي مسئلن تي ڳالهه ٻولهه ڪئي وئي.
ضرورت پلاٽ
تيسر ٽائون اسڪيم 45 ڪراچي
0336-2434637
ڪورٽ نوٽيس
عدالت ۾ درخواست داخل ڪئي وئي آهي، فريقن کي هدايت ڪجي ٿي ته مقرر تاريخ تي ذاتي طور يا وڪيل معرفت حاضر ٿين ٻي صورت ۾ يڪطرفي ڪارروائي ڪئي ويندي. 13.03.2023
(0635)
ڪورٽ نوٽيس
عدالت ۾ درخواست داخل ڪئي وئي آهي، فريقن کي هدايت ڪجي ٿي ته مقرر تاريخ تي ذاتي طور يا وڪيل معرفت حاضر ٿين ٻي صورت ۾ يڪطرفي ڪارروائي ڪئي ويندي. 13.03.2023
(0642)
مقصود رند ۽ سخي سلطان فقير لاشاري جي عرس جون تقريبون
درگاهه تي عرس جي موقعي تي محفل موسيقي، ملهه ۽ ٻيون تقريبون منعقد ٿيون، جنهن ۾ مختلف علائقن مان عقيدتمندن وڏي تعداد ۾ شرڪت ڪئي ۽ فنڪارن صوفياڻو ڪلام پيش ڪيو.
ميرپورخاص ۽ ڪنڌڪوٽ ۾ فصل مارڪيٽ ۾ اچي وئي، خريداري مرڪز بند
هاري پريشان، سرڪار کان خريداري مرڪز کولڻ جو مطالبو
ڪڻڪ جي فصل لاٿي وڃڻ باوجود سرڪاري خريداري مرڪز قائم نه ٿي سگهيا آهن، جنهن ڪري هاري پنهنجو فصل گهٽ اگهه تي وڪڻڻ تي مجبور آهن.
ٿرپارڪر جي نوجوان جي ٻارڙي ۾ ڪينسر، مالي مدد جي اپيل
غريب والدين پنهنجي ٻار جي علاج لاءِ مخير حضرات ۽ حڪومت کان مدد جي اپيل ڪئي آهي.
سگهه عورتن جي ترقي ۽ تعليم لاءِ مثالي ڪم ڪيو: ولي محمد روشن
سگهه سماجي خدمتن جي سمورن ڪمن ۾ عورتن جي اهميت ملي
عورتن جي عالمي ڏينهن جي حوالي سان منعقد تقريب ۾ مقررين چيو ته عورتن کي برابري جا حق ڏيڻ کان سواءِ سماج ترقي نٿو ڪري سگهي.
عام اطلاع
اسان جي موڪل سان اطلاع ڏجي ٿو ته منهنجي سموري ملڪيت جا ڪاغذات گم ٿي ويا آهن، جنهن جي رپورٽ لاڳاپيل ٿاڻي تي ڪرائي وئي آهي، جيڪڏهن ڪنهن کي ملن ته مهرباني ڪري هيٺ ڏنل پتي تي پهچائي ثواب دارين حاصل ڪري. ڪنهن به ماڻهو کي ڪو اعتراض هجي ته پندرهن ڏينهن اندر اطلاع ڏئي.
(0665)
ڪورٽ نوٽيس
عدالت ۾ درخواست داخل ڪئي وئي آهي، فريقن کي هدايت ڪجي ٿي ته مقرر تاريخ تي ذاتي طور يا وڪيل معرفت حاضر ٿين ٻي صورت ۾ يڪطرفي ڪارروائي ڪئي ويندي. 13.03.2023
(0643)
ڪورٽ نوٽيس
عدالت ۾ درخواست داخل ڪئي وئي آهي، فريقن کي هدايت ڪجي ٿي ته مقرر تاريخ تي ذاتي طور يا وڪيل معرفت حاضر ٿين ٻي صورت ۾ يڪطرفي ڪارروائي ڪئي ويندي. 13.03.2023
(0664)
ڪورٽ نوٽيس
عدالت ۾ درخواست داخل ڪئي وئي آهي، فريقن کي هدايت ڪجي ٿي ته مقرر تاريخ تي ذاتي طور يا وڪيل معرفت حاضر ٿين ٻي صورت ۾ يڪطرفي ڪارروائي ڪئي ويندي. 13.03.2023
(0642)
ڪورٽ نوٽيس
عدالت ۾ درخواست داخل ڪئي وئي آهي، فريقن کي هدايت ڪجي ٿي ته مقرر تاريخ تي ذاتي طور يا وڪيل معرفت حاضر ٿين ٻي صورت ۾ يڪطرفي ڪارروائي ڪئي ويندي. 13.03.2023
(0634)
ڪورٽ نوٽيس
عدالت ۾ درخواست داخل ڪئي وئي آهي، فريقن کي هدايت ڪجي ٿي ته مقرر تاريخ تي ذاتي طور يا وڪيل معرفت حاضر ٿين ٻي صورت ۾ يڪطرفي ڪارروائي ڪئي ويندي. 13.03.2023
(0643)
